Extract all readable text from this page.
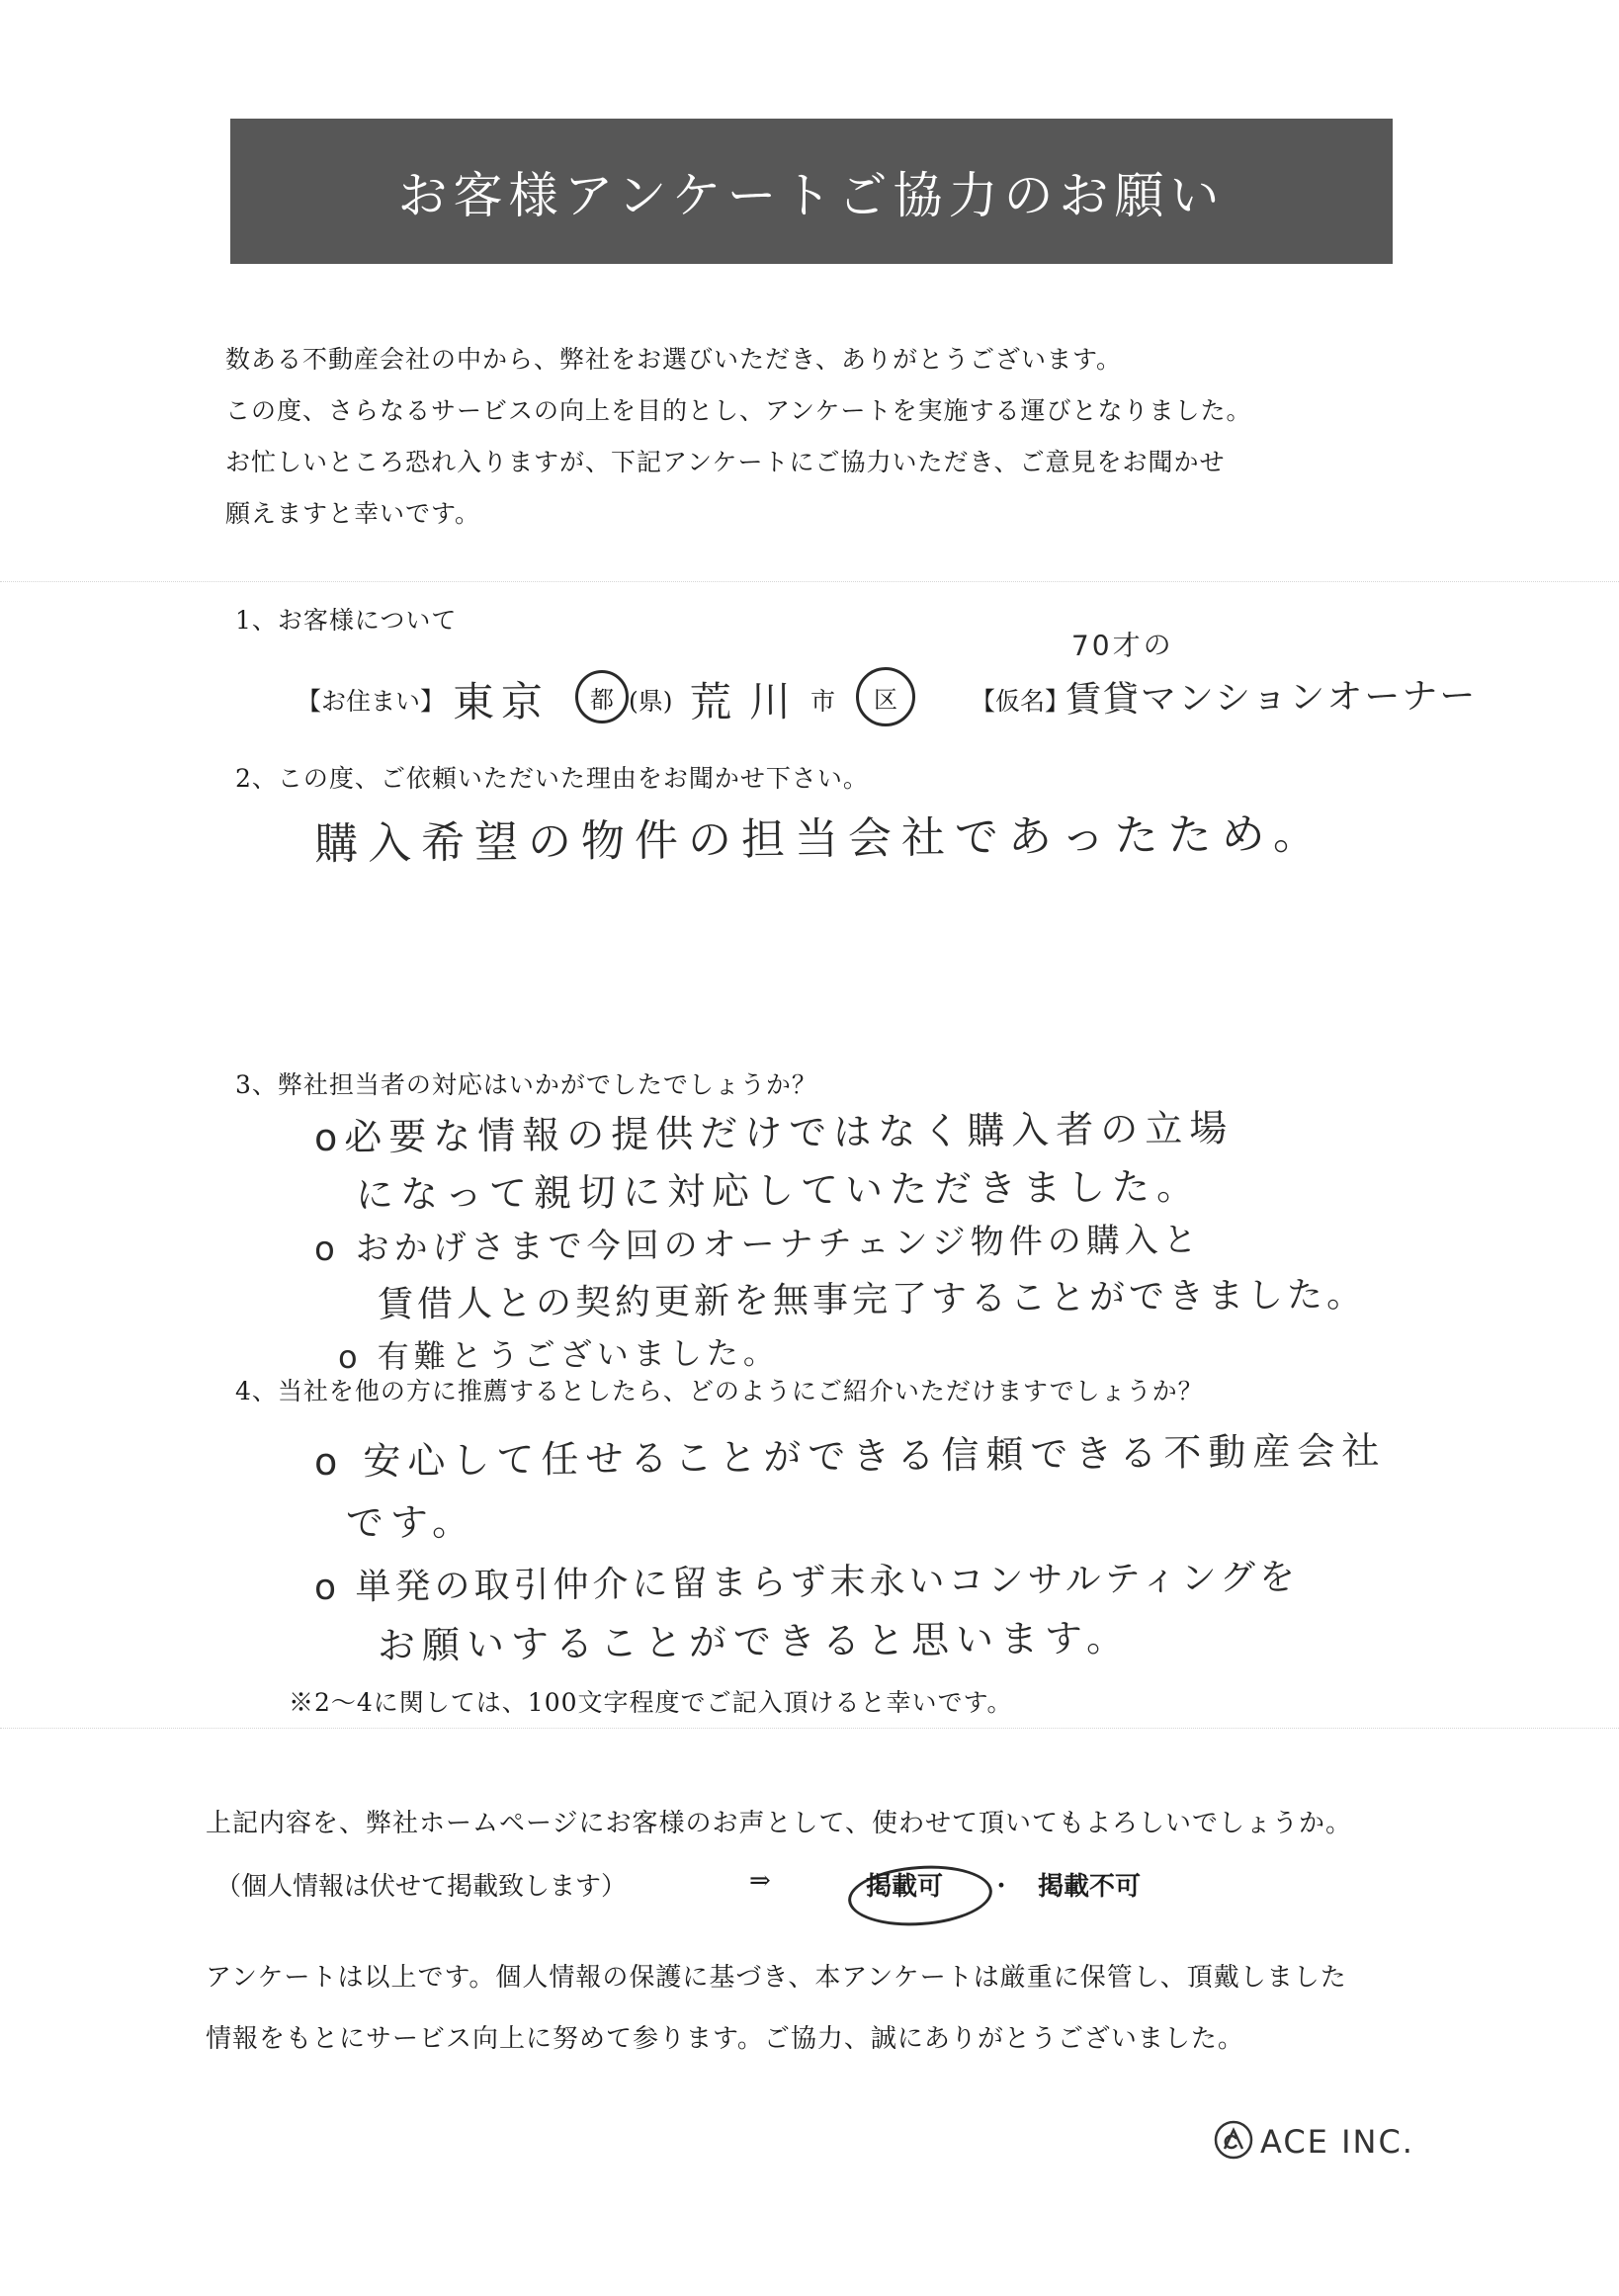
お客様アンケートご協力のお願い
数ある不動産会社の中から、弊社をお選びいただき、ありがとうございます。
この度、さらなるサービスの向上を目的とし、アンケートを実施する運びとなりました。
お忙しいところ恐れ入りますが、下記アンケートにご協力いただき、ご意見をお聞かせ
願えますと幸いです。
1、お客様について
【お住まい】 東京	都 (県) 荒川 市	区	【仮名】
70才の
賃貸マンションオーナー
2、この度、ご依頼いただいた理由をお聞かせ下さい。
購入希望の物件の担当会社であったため。
3、弊社担当者の対応はいかがでしたでしょうか？
o必要な情報の提供だけではなく購入者の立場
になって親切に対応していただきました。
o おかげさまで今回のオーナチェンジ物件の購入と
賃借人との契約更新を無事完了することができました。
o 有難とうございました。
4、当社を他の方に推薦するとしたら、どのようにご紹介いただけますでしょうか？
o 安心して任せることができる信頼できる不動産会社
です。
o 単発の取引仲介に留まらず末永いコンサルティングを
お願いすることができると思います。
※2～4に関しては、100文字程度でご記入頂けると幸いです。
上記内容を、弊社ホームページにお客様のお声として、使わせて頂いてもよろしいでしょうか。
（個人情報は伏せて掲載致します）	⇒	掲載可 ・ 掲載不可
アンケートは以上です。個人情報の保護に基づき、本アンケートは厳重に保管し、頂戴しました
情報をもとにサービス向上に努めて参ります。ご協力、誠にありがとうございました。
ACE INC.
